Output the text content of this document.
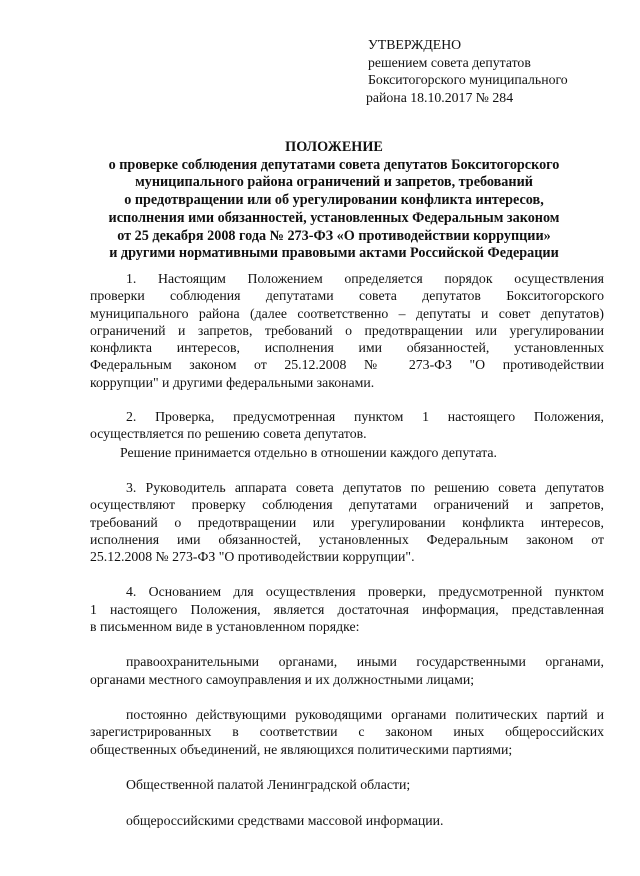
УТВЕРЖДЕНО
решением совета депутатов
Бокситогорского муниципального
района 18.10.2017 № 284
ПОЛОЖЕНИЕ
о проверке соблюдения депутатами совета депутатов Бокситогорского
муниципального района ограничений и запретов, требований
о предотвращении или об урегулировании конфликта интересов,
исполнения ими обязанностей, установленных Федеральным законом
от 25 декабря 2008 года № 273-ФЗ «О противодействии коррупции»
и другими нормативными правовыми актами Российской Федерации
1. Настоящим Положением определяется порядок осуществления
проверки соблюдения депутатами совета депутатов Бокситогорского
муниципального района (далее соответственно – депутаты и совет депутатов)
ограничений и запретов, требований о предотвращении или урегулировании
конфликта интересов, исполнения ими обязанностей, установленных
Федеральным законом от 25.12.2008 № 273-ФЗ "О противодействии
коррупции" и другими федеральными законами.
2. Проверка, предусмотренная пунктом 1 настоящего Положения,
осуществляется по решению совета депутатов.
Решение принимается отдельно в отношении каждого депутата.
3. Руководитель аппарата совета депутатов по решению совета депутатов
осуществляют проверку соблюдения депутатами ограничений и запретов,
требований о предотвращении или урегулировании конфликта интересов,
исполнения ими обязанностей, установленных Федеральным законом от
25.12.2008 № 273-ФЗ "О противодействии коррупции".
4. Основанием для осуществления проверки, предусмотренной пунктом
1 настоящего Положения, является достаточная информация, представленная
в письменном виде в установленном порядке:
правоохранительными органами, иными государственными органами,
органами местного самоуправления и их должностными лицами;
постоянно действующими руководящими органами политических партий и
зарегистрированных в соответствии с законом иных общероссийских
общественных объединений, не являющихся политическими партиями;
Общественной палатой Ленинградской области;
общероссийскими средствами массовой информации.
